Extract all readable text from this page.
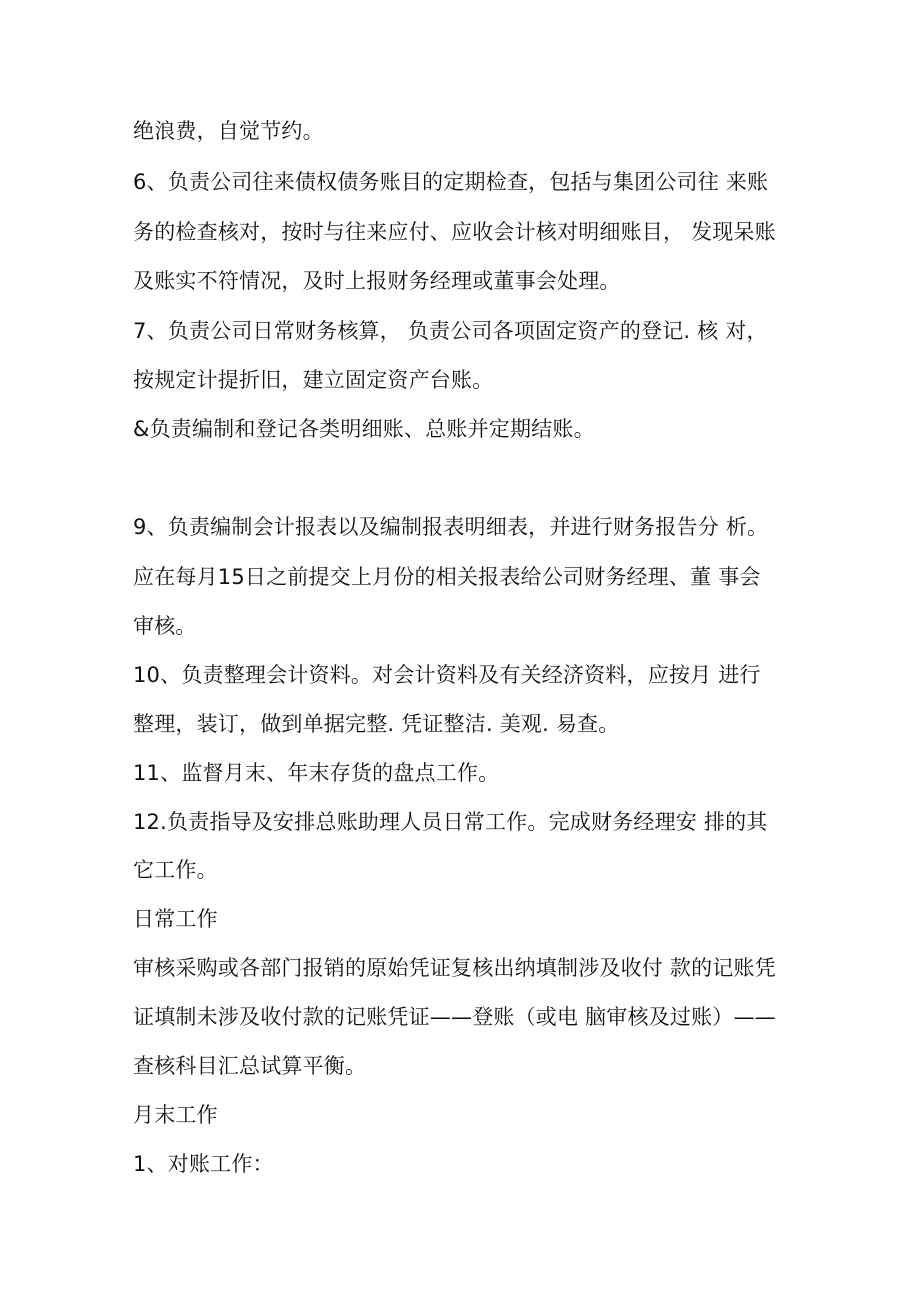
绝浪费，自觉节约。
6、负责公司往来债权债务账目的定期检查，包括与集团公司往 来账
务的检查核对，按时与往来应付、应收会计核对明细账目， 发现呆账
及账实不符情况，及时上报财务经理或董事会处理。
7、负责公司日常财务核算， 负责公司各项固定资产的登记. 核 对，
按规定计提折旧，建立固定资产台账。
&负责编制和登记各类明细账、总账并定期结账。
9、负责编制会计报表以及编制报表明细表，并进行财务报告分 析。
应在每月15日之前提交上月份的相关报表给公司财务经理、董 事会
审核。
10、负责整理会计资料。对会计资料及有关经济资料，应按月 进行
整理，装订，做到单据完整. 凭证整洁. 美观. 易查。
11、监督月末、年末存货的盘点工作。
12.负责指导及安排总账助理人员日常工作。完成财务经理安 排的其
它工作。
日常工作
审核采购或各部门报销的原始凭证复核出纳填制涉及收付 款的记账凭
证填制未涉及收付款的记账凭证——登账（或电 脑审核及过账）——
查核科目汇总试算平衡。
月末工作
1、对账工作：
